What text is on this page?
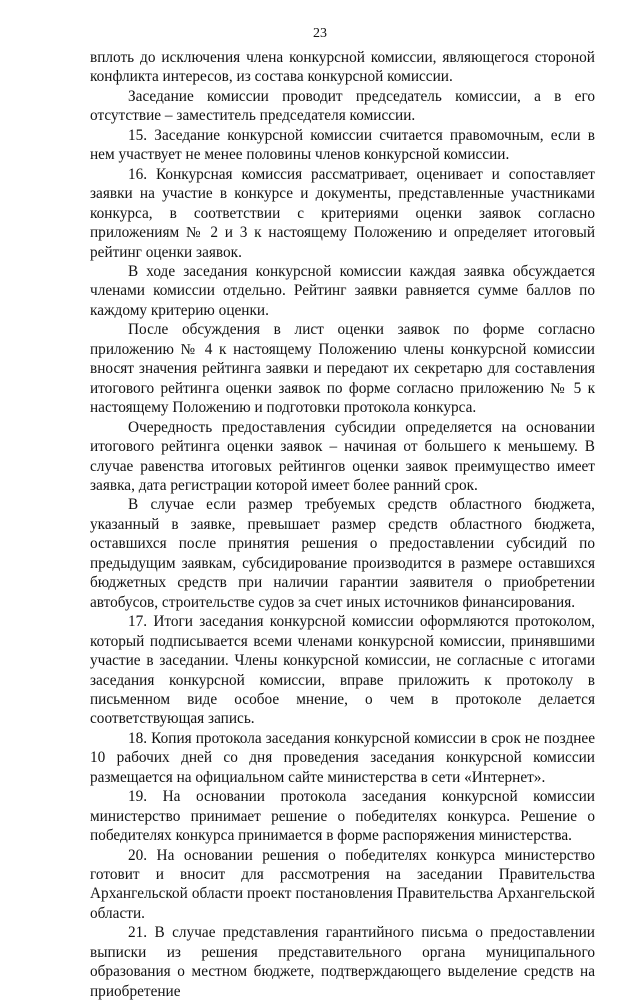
23

вплоть до исключения члена конкурсной комиссии, являющегося стороной конфликта интересов, из состава конкурсной комиссии.

Заседание комиссии проводит председатель комиссии, а в его отсутствие – заместитель председателя комиссии.

15. Заседание конкурсной комиссии считается правомочным, если в нем участвует не менее половины членов конкурсной комиссии.

16. Конкурсная комиссия рассматривает, оценивает и сопоставляет заявки на участие в конкурсе и документы, представленные участниками конкурса, в соответствии с критериями оценки заявок согласно приложениям № 2 и 3 к настоящему Положению и определяет итоговый рейтинг оценки заявок.

В ходе заседания конкурсной комиссии каждая заявка обсуждается членами комиссии отдельно. Рейтинг заявки равняется сумме баллов по каждому критерию оценки.

После обсуждения в лист оценки заявок по форме согласно приложению № 4 к настоящему Положению члены конкурсной комиссии вносят значения рейтинга заявки и передают их секретарю для составления итогового рейтинга оценки заявок по форме согласно приложению № 5 к настоящему Положению и подготовки протокола конкурса.

Очередность предоставления субсидии определяется на основании итогового рейтинга оценки заявок – начиная от большего к меньшему. В случае равенства итоговых рейтингов оценки заявок преимущество имеет заявка, дата регистрации которой имеет более ранний срок.

В случае если размер требуемых средств областного бюджета, указанный в заявке, превышает размер средств областного бюджета, оставшихся после принятия решения о предоставлении субсидий по предыдущим заявкам, субсидирование производится в размере оставшихся бюджетных средств при наличии гарантии заявителя о приобретении автобусов, строительстве судов за счет иных источников финансирования.

17. Итоги заседания конкурсной комиссии оформляются протоколом, который подписывается всеми членами конкурсной комиссии, принявшими участие в заседании. Члены конкурсной комиссии, не согласные с итогами заседания конкурсной комиссии, вправе приложить к протоколу в письменном виде особое мнение, о чем в протоколе делается соответствующая запись.

18. Копия протокола заседания конкурсной комиссии в срок не позднее 10 рабочих дней со дня проведения заседания конкурсной комиссии размещается на официальном сайте министерства в сети «Интернет».

19. На основании протокола заседания конкурсной комиссии министерство принимает решение о победителях конкурса. Решение о победителях конкурса принимается в форме распоряжения министерства.

20. На основании решения о победителях конкурса министерство готовит и вносит для рассмотрения на заседании Правительства Архангельской области проект постановления Правительства Архангельской области.

21. В случае представления гарантийного письма о предоставлении выписки из решения представительного органа муниципального образования о местном бюджете, подтверждающего выделение средств на приобретение
